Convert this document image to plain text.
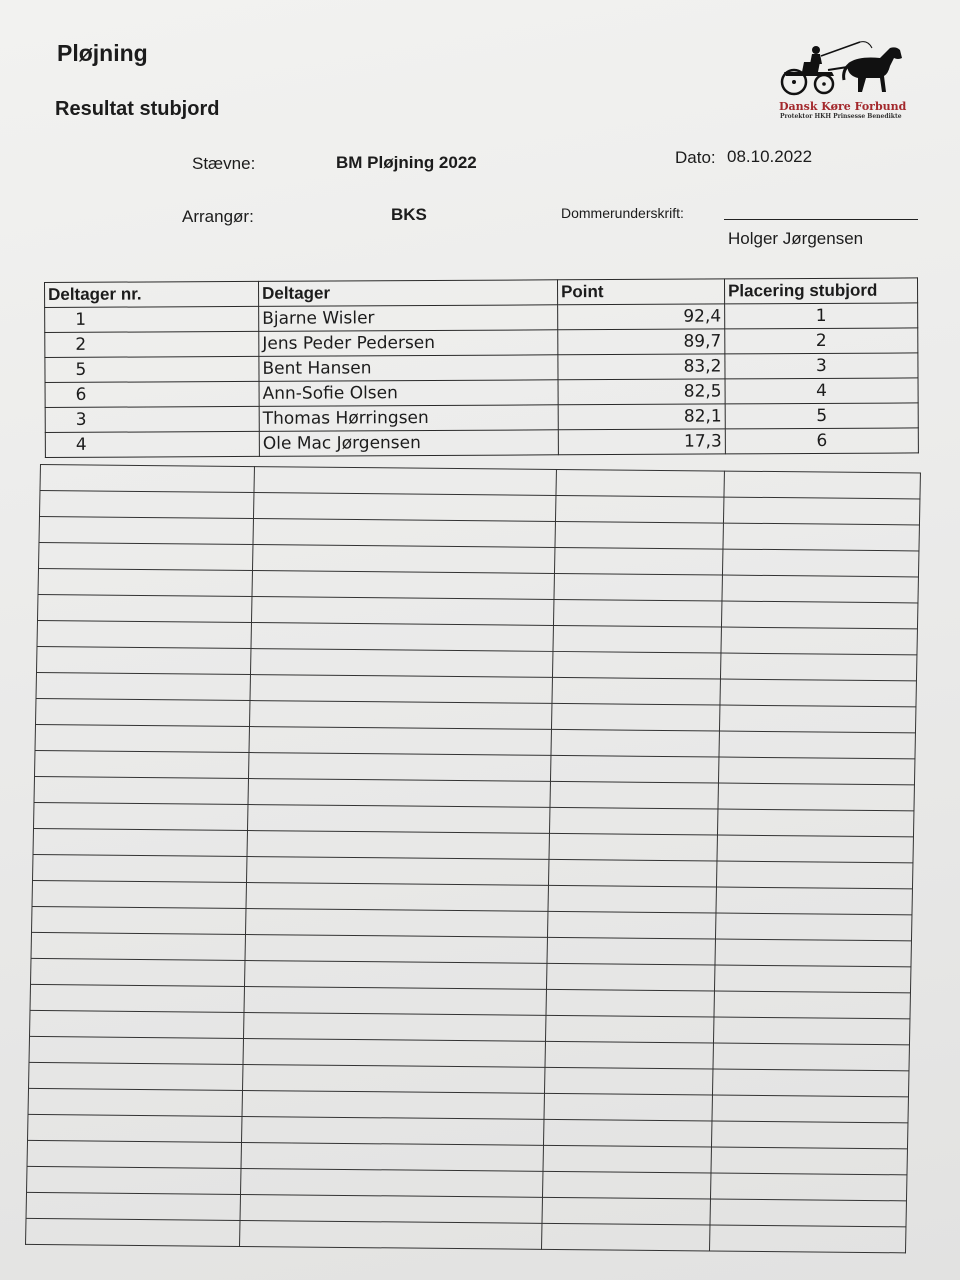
Pløjning
Resultat stubjord	Dansk Køre Forbund
Protektor HKH Prinsesse Benedikte
Stævne:	BM Pløjning 2022	Dato: 08.10.2022
Arrangør:	BKS	Dommerunderskrift:
Holger Jørgensen
Deltager nr.	Deltager	Point	Placering stubjord
1	Bjarne Wisler	92,4	1
2	Jens Peder Pedersen	89,7	2
5	Bent Hansen	83,2	3
6	Ann-Sofie Olsen	82,5	4
3	Thomas Hørringsen	82,1	5
4	Ole Mac Jørgensen	17,3	6
